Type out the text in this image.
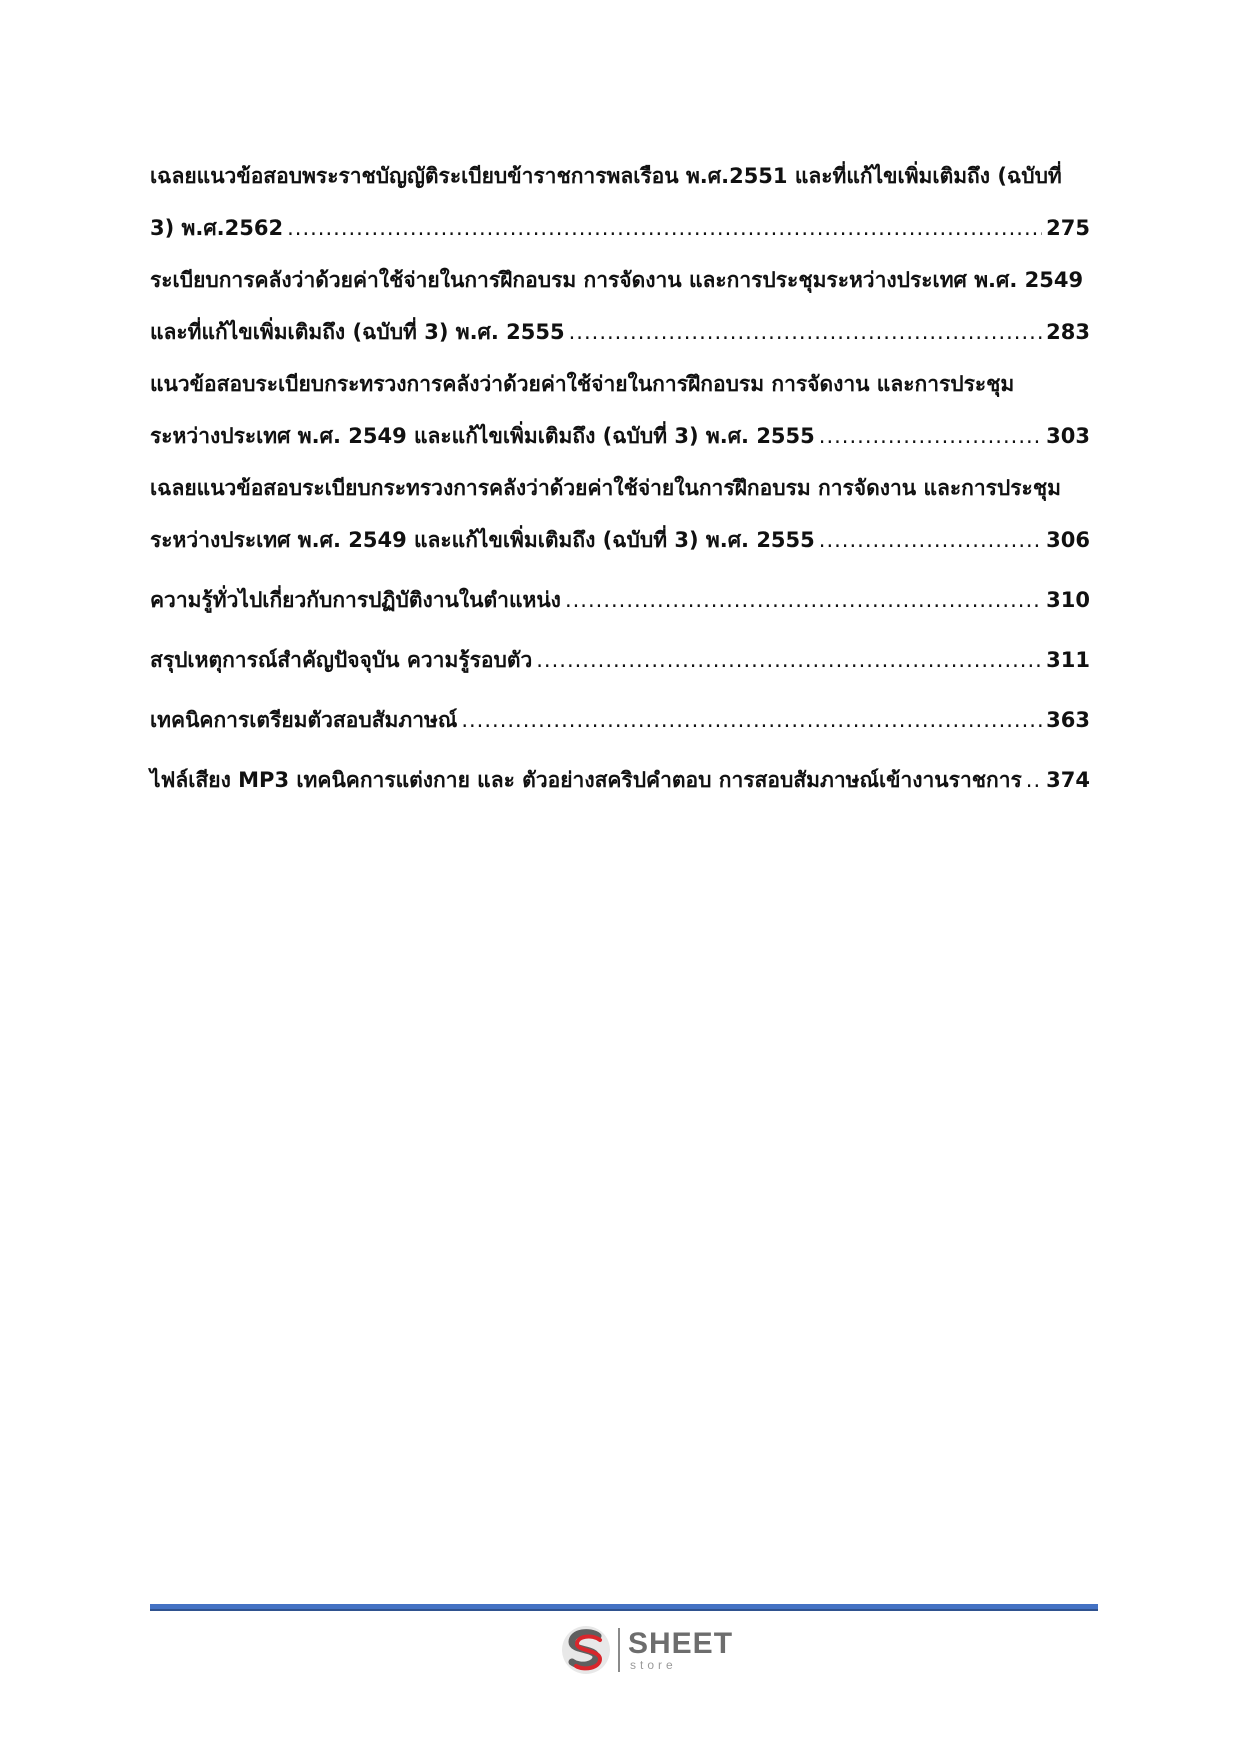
เฉลยแนวข้อสอบพระราชบัญญัติระเบียบข้าราชการพลเรือน พ.ศ.2551 และที่แก้ไขเพิ่มเติมถึง (ฉบับที่
3) พ.ศ.2562 .....	275
ระเบียบการคลังว่าด้วยค่าใช้จ่ายในการฝึกอบรม การจัดงาน และการประชุมระหว่างประเทศ พ.ศ. 2549
และที่แก้ไขเพิ่มเติมถึง (ฉบับที่ 3) พ.ศ. 2555 .....	283
แนวข้อสอบระเบียบกระทรวงการคลังว่าด้วยค่าใช้จ่ายในการฝึกอบรม การจัดงาน และการประชุม
ระหว่างประเทศ พ.ศ. 2549 และแก้ไขเพิ่มเติมถึง (ฉบับที่ 3) พ.ศ. 2555 .....	303
เฉลยแนวข้อสอบระเบียบกระทรวงการคลังว่าด้วยค่าใช้จ่ายในการฝึกอบรม การจัดงาน และการประชุม
ระหว่างประเทศ พ.ศ. 2549 และแก้ไขเพิ่มเติมถึง (ฉบับที่ 3) พ.ศ. 2555 .....	306
ความรู้ทั่วไปเกี่ยวกับการปฏิบัติงานในตำแหน่ง .....	310
สรุปเหตุการณ์สำคัญปัจจุบัน ความรู้รอบตัว .....	311
เทคนิคการเตรียมตัวสอบสัมภาษณ์ .....	363
ไฟล์เสียง MP3 เทคนิคการแต่งกาย และ ตัวอย่างสคริปคำตอบ การสอบสัมภาษณ์เข้างานราชการ ..... 374
SHEET
store
